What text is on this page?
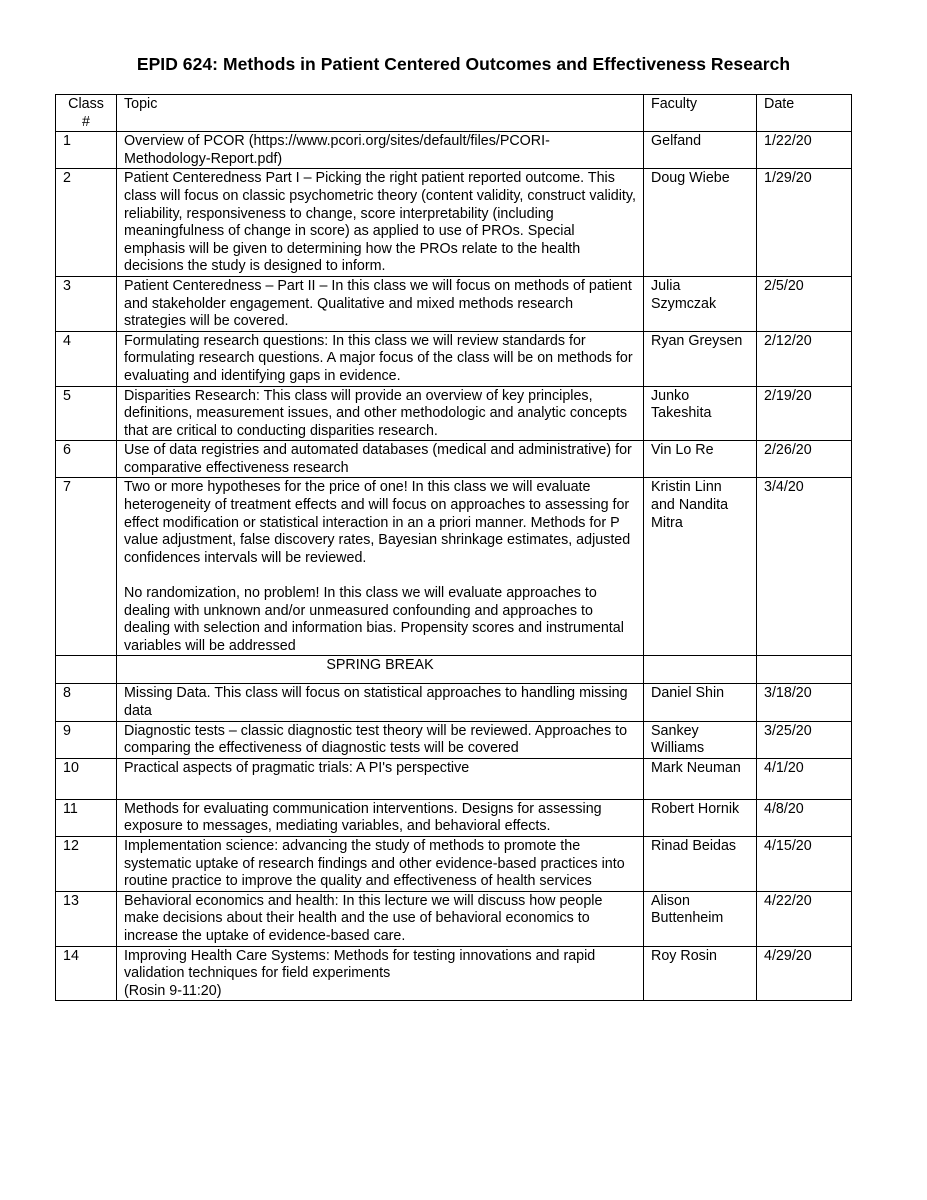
EPID 624: Methods in Patient Centered Outcomes and Effectiveness Research
Class #	Topic	Faculty	Date
1	Overview of PCOR (https://www.pcori.org/sites/default/files/PCORI-Methodology-Report.pdf)	Gelfand	1/22/20
2	Patient Centeredness Part I – Picking the right patient reported outcome. This class will focus on classic psychometric theory (content validity, construct validity, reliability, responsiveness to change, score interpretability (including meaningfulness of change in score) as applied to use of PROs. Special emphasis will be given to determining how the PROs relate to the health decisions the study is designed to inform.	Doug Wiebe	1/29/20
3	Patient Centeredness – Part II – In this class we will focus on methods of patient and stakeholder engagement. Qualitative and mixed methods research strategies will be covered.	Julia Szymczak	2/5/20
4	Formulating research questions: In this class we will review standards for formulating research questions. A major focus of the class will be on methods for evaluating and identifying gaps in evidence.	Ryan Greysen	2/12/20
5	Disparities Research: This class will provide an overview of key principles, definitions, measurement issues, and other methodologic and analytic concepts that are critical to conducting disparities research.	Junko Takeshita	2/19/20
6	Use of data registries and automated databases (medical and administrative) for comparative effectiveness research	Vin Lo Re	2/26/20
7	Two or more hypotheses for the price of one! In this class we will evaluate heterogeneity of treatment effects and will focus on approaches to assessing for effect modification or statistical interaction in an a priori manner. Methods for P value adjustment, false discovery rates, Bayesian shrinkage estimates, adjusted confidences intervals will be reviewed.

No randomization, no problem! In this class we will evaluate approaches to dealing with unknown and/or unmeasured confounding and approaches to dealing with selection and information bias. Propensity scores and instrumental variables will be addressed	Kristin Linn and Nandita Mitra	3/4/20

	SPRING BREAK		

8	Missing Data. This class will focus on statistical approaches to handling missing data	Daniel Shin	3/18/20
9	Diagnostic tests – classic diagnostic test theory will be reviewed. Approaches to comparing the effectiveness of diagnostic tests will be covered	Sankey Williams	3/25/20
10	Practical aspects of pragmatic trials: A PI's perspective	Mark Neuman	4/1/20
11	Methods for evaluating communication interventions. Designs for assessing exposure to messages, mediating variables, and behavioral effects.	Robert Hornik	4/8/20
12	Implementation science: advancing the study of methods to promote the systematic uptake of research findings and other evidence-based practices into routine practice to improve the quality and effectiveness of health services	Rinad Beidas	4/15/20
13	Behavioral economics and health: In this lecture we will discuss how people make decisions about their health and the use of behavioral economics to increase the uptake of evidence-based care.	Alison Buttenheim	4/22/20
14	Improving Health Care Systems: Methods for testing innovations and rapid validation techniques for field experiments
(Rosin 9-11:20)	Roy Rosin	4/29/20
